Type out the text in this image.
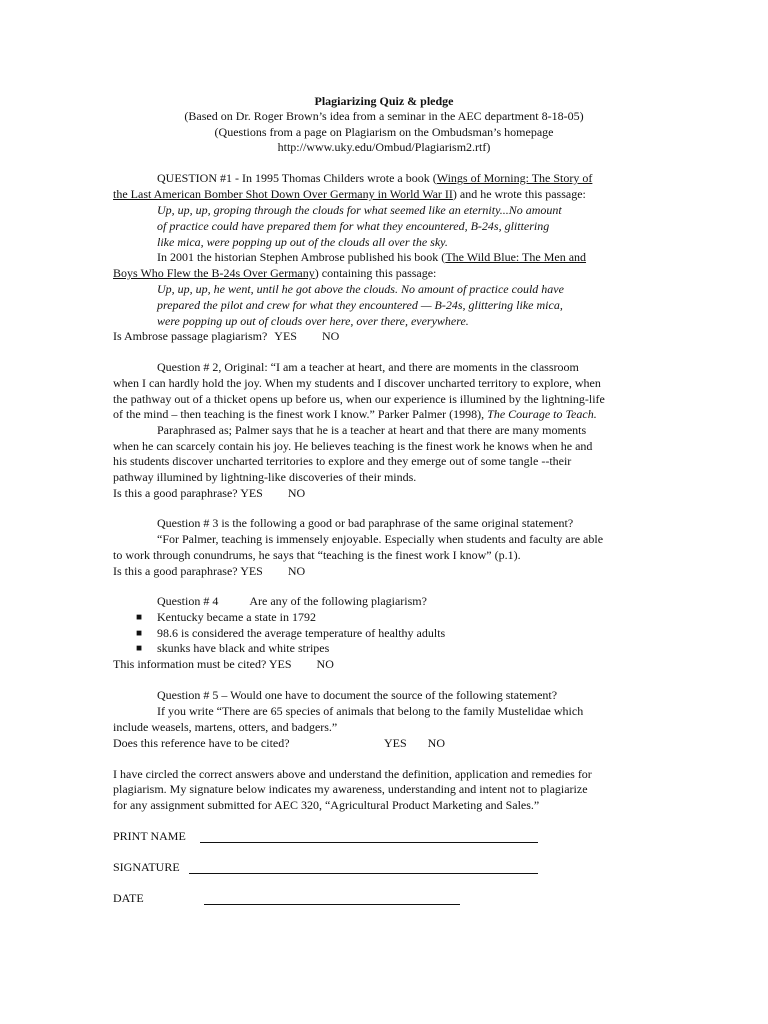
Plagiarizing Quiz & pledge
(Based on Dr. Roger Brown’s idea from a seminar in the AEC department 8-18-05)
(Questions from a page on Plagiarism on the Ombudsman’s homepage
http://www.uky.edu/Ombud/Plagiarism2.rtf)
QUESTION #1 - In 1995 Thomas Childers wrote a book (Wings of Morning: The Story of
the Last American Bomber Shot Down Over Germany in World War II) and he wrote this passage:
Up, up, up, groping through the clouds for what seemed like an eternity...No amount
of practice could have prepared them for what they encountered, B-24s, glittering
like mica, were popping up out of the clouds all over the sky.
In 2001 the historian Stephen Ambrose published his book (The Wild Blue: The Men and
Boys Who Flew the B-24s Over Germany) containing this passage:
Up, up, up, he went, until he got above the clouds. No amount of practice could have
prepared the pilot and crew for what they encountered — B-24s, glittering like mica,
were popping up out of clouds over here, over there, everywhere.
Is Ambrose passage plagiarism? YES NO
Question # 2, Original: “I am a teacher at heart, and there are moments in the classroom
when I can hardly hold the joy. When my students and I discover uncharted territory to explore, when
the pathway out of a thicket opens up before us, when our experience is illumined by the lightning-life
of the mind – then teaching is the finest work I know.” Parker Palmer (1998), The Courage to Teach.
Paraphrased as; Palmer says that he is a teacher at heart and that there are many moments
when he can scarcely contain his joy. He believes teaching is the finest work he knows when he and
his students discover uncharted territories to explore and they emerge out of some tangle --their
pathway illumined by lightning-like discoveries of their minds.
Is this a good paraphrase? YES NO
Question # 3 is the following a good or bad paraphrase of the same original statement?
“For Palmer, teaching is immensely enjoyable. Especially when students and faculty are able
to work through conundrums, he says that “teaching is the finest work I know” (p.1).
Is this a good paraphrase? YES NO
Question # 4	Are any of the following plagiarism?
■ Kentucky became a state in 1792
■ 98.6 is considered the average temperature of healthy adults
■ skunks have black and white stripes
This information must be cited? YES NO
Question # 5 – Would one have to document the source of the following statement?
If you write “There are 65 species of animals that belong to the family Mustelidae which
include weasels, martens, otters, and badgers.”
Does this reference have to be cited?	YES NO
I have circled the correct answers above and understand the definition, application and remedies for
plagiarism. My signature below indicates my awareness, understanding and intent not to plagiarize
for any assignment submitted for AEC 320, “Agricultural Product Marketing and Sales.”
PRINT NAME
SIGNATURE
DATE
